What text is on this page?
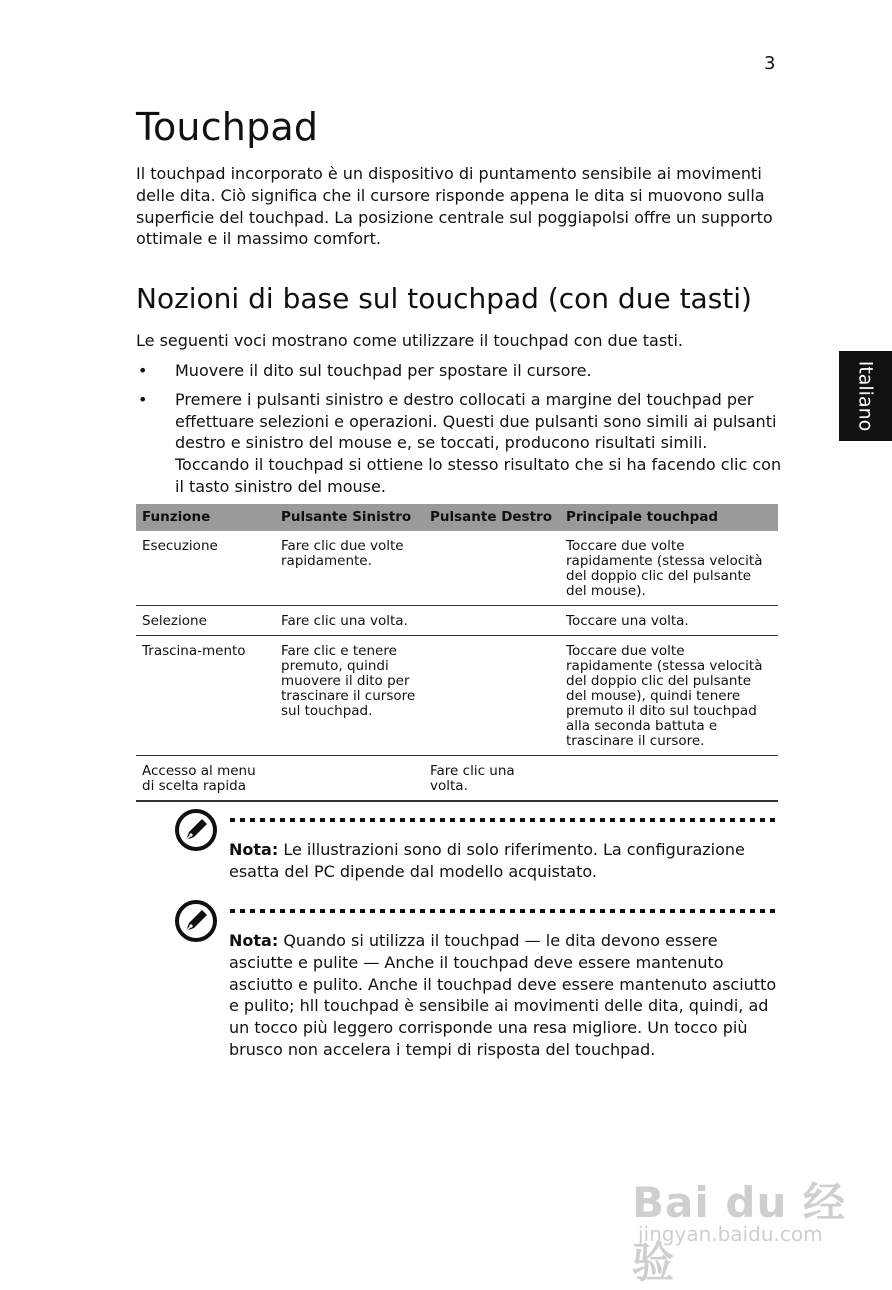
3
Italiano
Touchpad

Il touchpad incorporato è un dispositivo di puntamento sensibile ai movimenti delle dita. Ciò significa che il cursore risponde appena le dita si muovono sulla superficie del touchpad. La posizione centrale sul poggiapolsi offre un supporto ottimale e il massimo comfort.

Nozioni di base sul touchpad (con due tasti)

Le seguenti voci mostrano come utilizzare il touchpad con due tasti.

• Muovere il dito sul touchpad per spostare il cursore.
• Premere i pulsanti sinistro e destro collocati a margine del touchpad per effettuare selezioni e operazioni. Questi due pulsanti sono simili ai pulsanti destro e sinistro del mouse e, se toccati, producono risultati simili. Toccando il touchpad si ottiene lo stesso risultato che si ha facendo clic con il tasto sinistro del mouse.
Funzione	Pulsante Sinistro	Pulsante Destro	Principale touchpad
Esecuzione	Fare clic due volte rapidamente.		Toccare due volte rapidamente (stessa velocità del doppio clic del pulsante del mouse).
Selezione	Fare clic una volta.		Toccare una volta.
Trascina-mento	Fare clic e tenere premuto, quindi muovere il dito per trascinare il cursore sul touchpad.		Toccare due volte rapidamente (stessa velocità del doppio clic del pulsante del mouse), quindi tenere premuto il dito sul touchpad alla seconda battuta e trascinare il cursore.
Accesso al menu di scelta rapida		Fare clic una volta.	

Nota: Le illustrazioni sono di solo riferimento. La configurazione esatta del PC dipende dal modello acquistato.

Nota: Quando si utilizza il touchpad — le dita devono essere asciutte e pulite — Anche il touchpad deve essere mantenuto asciutto e pulito. Anche il touchpad deve essere mantenuto asciutto e pulito; hll touchpad è sensibile ai movimenti delle dita, quindi, ad un tocco più leggero corrisponde una resa migliore. Un tocco più brusco non accelera i tempi di risposta del touchpad.

Bai du 经验
jingyan.baidu.com
